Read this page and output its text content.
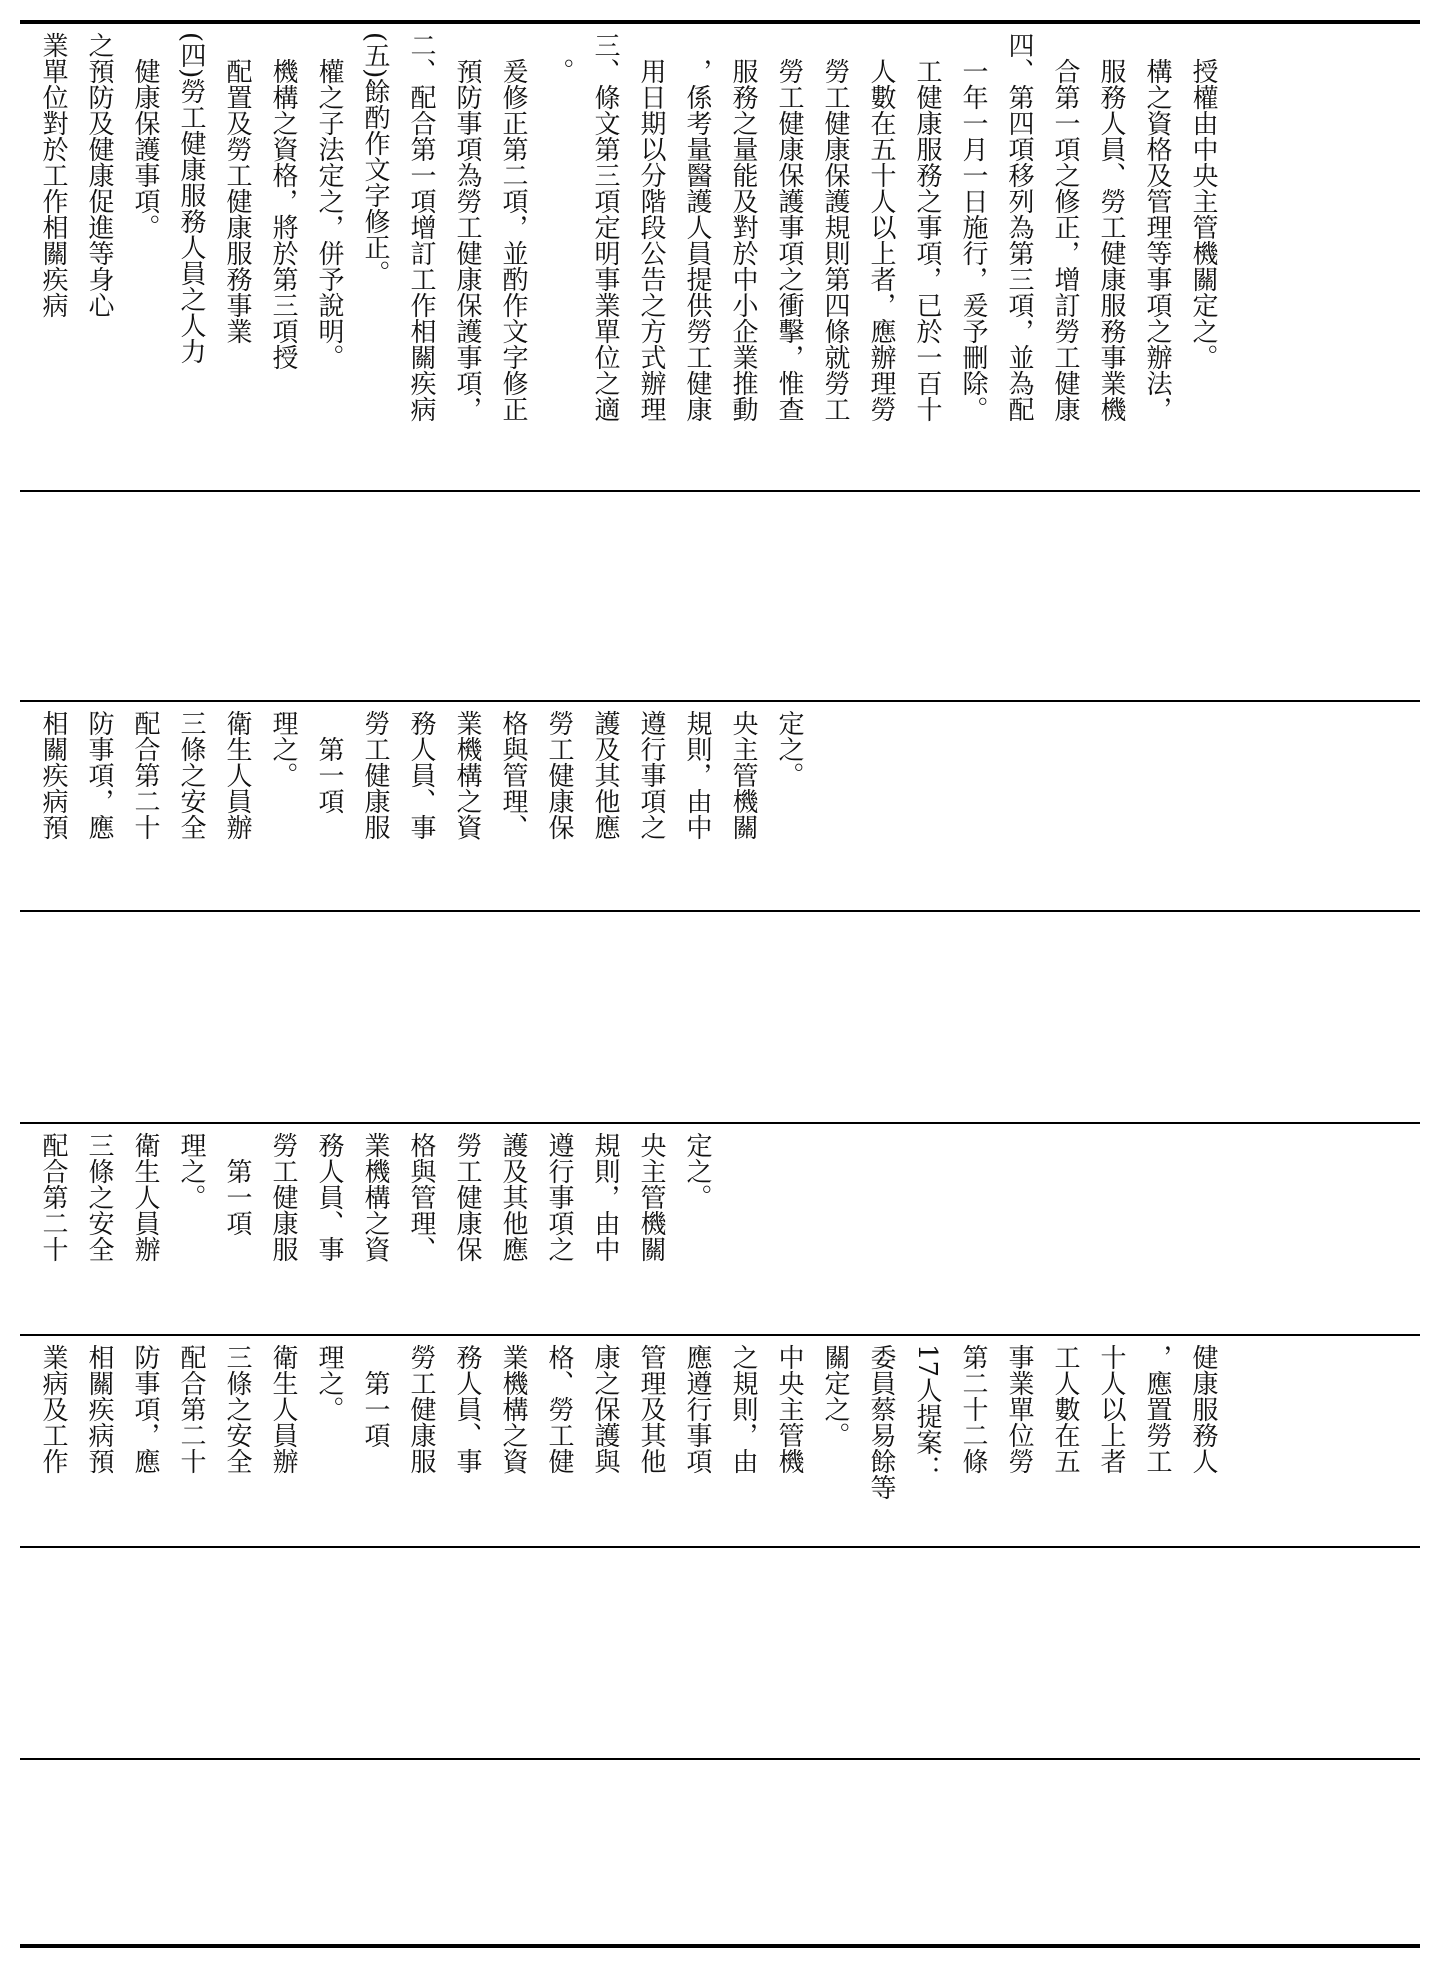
業單位對於工作相關疾病 之預防及健康促進等身心 　健康保護事項。 (四)勞工健康服務人員之人力 　配置及勞工健康服務事業 　機構之資格，將於第三項授 　權之子法定之，併予說明。 (五)餘酌作文字修正。 二、配合第一項增訂工作相關疾病 　預防事項為勞工健康保護事項， 　爰修正第二項，並酌作文字修正 　。 三、條文第三項定明事業單位之適 　用日期以分階段公告之方式辦理 　，係考量醫護人員提供勞工健康 　服務之量能及對於中小企業推動 　勞工健康保護事項之衝擊，惟查 　勞工健康保護規則第四條就勞工 　人數在五十人以上者，應辦理勞 　工健康服務之事項，已於一百十 　一年一月一日施行，爰予刪除。 四、第四項移列為第三項，並為配 　合第一項之修正，增訂勞工健康 　服務人員、勞工健康服務事業機 　構之資格及管理等事項之辦法， 　授權由中央主管機關定之。
相關疾病預 防事項，應 配合第二十 三條之安全 衛生人員辦 理之。 　第一項 勞工健康服 務人員、事 業機構之資 格與管理、 勞工健康保 護及其他應 遵行事項之 規則，由中 央主管機關 定之。
配合第二十 三條之安全 衛生人員辦 理之。 　第一項 勞工健康服 務人員、事 業機構之資 格與管理、 勞工健康保 護及其他應 遵行事項之 規則，由中 央主管機關 定之。
業病及工作 相關疾病預 防事項，應 配合第二十 三條之安全 衛生人員辦 理之。 　第一項 勞工健康服 務人員、事 業機構之資 格、勞工健 康之保護與 管理及其他 應遵行事項 之規則，由 中央主管機 關定之。 委員蔡易餘等 17人提案： 第二十二條 事業單位勞 工人數在五 十人以上者 ，應置勞工 健康服務人
